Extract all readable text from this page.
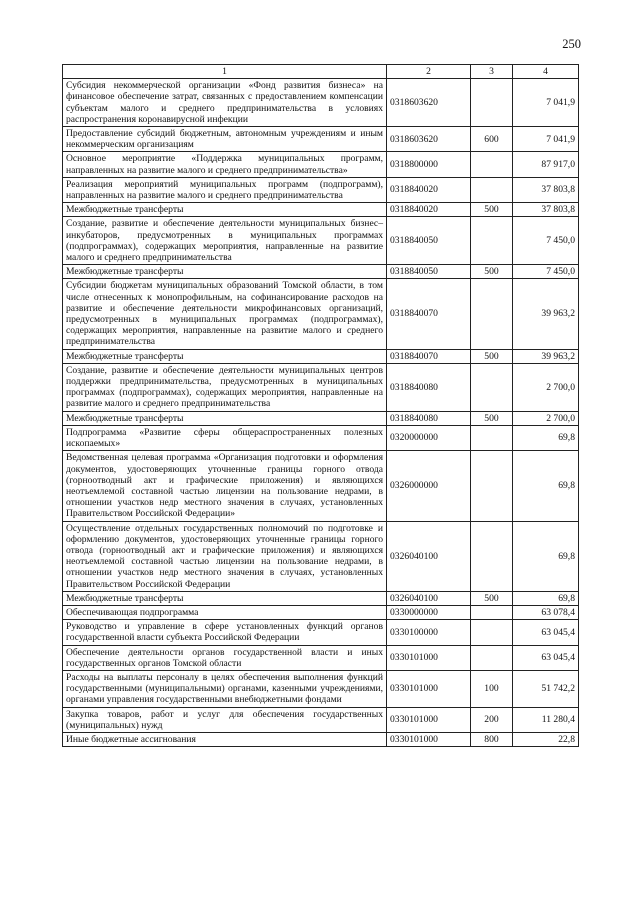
250
1	2	3	4
Субсидия некоммерческой организации «Фонд развития бизнеса» на финансовое обеспечение затрат, связанных с предоставлением компенсации субъектам малого и среднего предпринимательства в условиях распространения коронавирусной инфекции	0318603620		7 041,9
Предоставление субсидий бюджетным, автономным учреждениям и иным некоммерческим организациям	0318603620	600	7 041,9
Основное мероприятие «Поддержка муниципальных программ, направленных на развитие малого и среднего предпринимательства»	0318800000		87 917,0
Реализация мероприятий муниципальных программ (подпрограмм), направленных на развитие малого и среднего предпринимательства	0318840020		37 803,8
Межбюджетные трансферты	0318840020	500	37 803,8
Создание, развитие и обеспечение деятельности муниципальных бизнес–инкубаторов, предусмотренных в муниципальных программах (подпрограммах), содержащих мероприятия, направленные на развитие малого и среднего предпринимательства	0318840050		7 450,0
Межбюджетные трансферты	0318840050	500	7 450,0
Субсидии бюджетам муниципальных образований Томской области, в том числе отнесенных к монопрофильным, на софинансирование расходов на развитие и обеспечение деятельности микрофинансовых организаций, предусмотренных в муниципальных программах (подпрограммах), содержащих мероприятия, направленные на развитие малого и среднего предпринимательства	0318840070		39 963,2
Межбюджетные трансферты	0318840070	500	39 963,2
Создание, развитие и обеспечение деятельности муниципальных центров поддержки предпринимательства, предусмотренных в муниципальных программах (подпрограммах), содержащих мероприятия, направленные на развитие малого и среднего предпринимательства	0318840080		2 700,0
Межбюджетные трансферты	0318840080	500	2 700,0
Подпрограмма «Развитие сферы общераспространенных полезных ископаемых»	0320000000		69,8
Ведомственная целевая программа «Организация подготовки и оформления документов, удостоверяющих уточненные границы горного отвода (горноотводный акт и графические приложения) и являющихся неотъемлемой составной частью лицензии на пользование недрами, в отношении участков недр местного значения в случаях, установленных Правительством Российской Федерации»	0326000000		69,8
Осуществление отдельных государственных полномочий по подготовке и оформлению документов, удостоверяющих уточненные границы горного отвода (горноотводный акт и графические приложения) и являющихся неотъемлемой составной частью лицензии на пользование недрами, в отношении участков недр местного значения в случаях, установленных Правительством Российской Федерации	0326040100		69,8
Межбюджетные трансферты	0326040100	500	69,8
Обеспечивающая подпрограмма	0330000000		63 078,4
Руководство и управление в сфере установленных функций органов государственной власти субъекта Российской Федерации	0330100000		63 045,4
Обеспечение деятельности органов государственной власти и иных государственных органов Томской области	0330101000		63 045,4
Расходы на выплаты персоналу в целях обеспечения выполнения функций государственными (муниципальными) органами, казенными учреждениями, органами управления государственными внебюджетными фондами	0330101000	100	51 742,2
Закупка товаров, работ и услуг для обеспечения государственных (муниципальных) нужд	0330101000	200	11 280,4
Иные бюджетные ассигнования	0330101000	800	22,8
